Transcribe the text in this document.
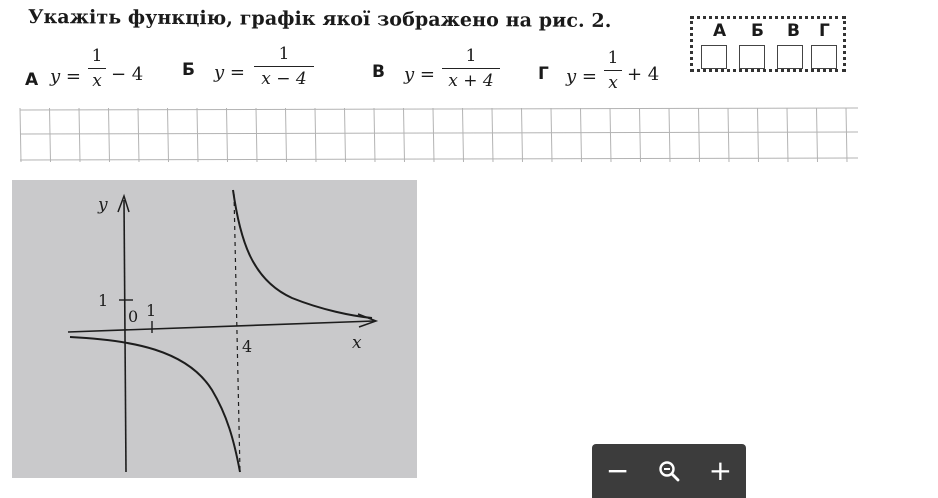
Укажіть функцію, графік якої зображено на рис. 2.
А y =
1
x − 4 Б y =
1
x − 4	В y =
1
x + 4	Г y =
1
x + 4
А Б В Г
y
x
1
0 1
4
−	+
